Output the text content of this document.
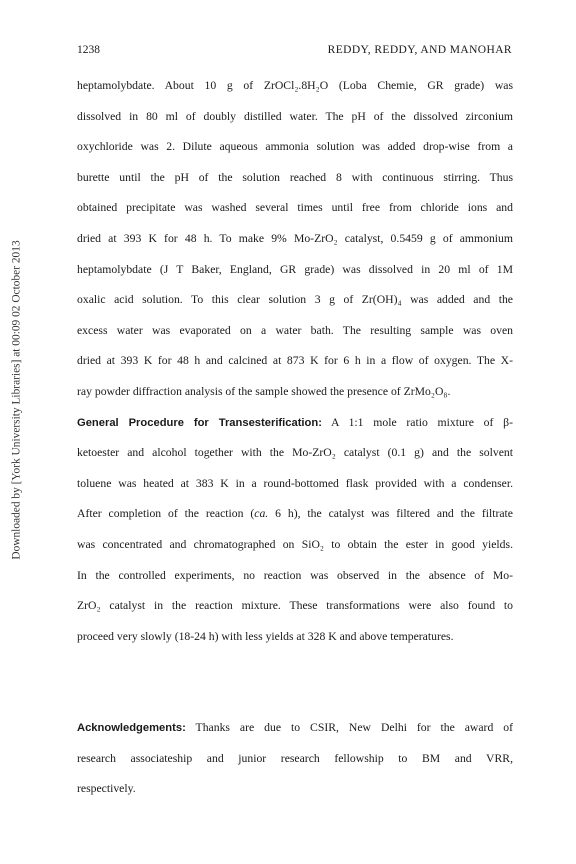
1238	REDDY, REDDY, AND MANOHAR
Downloaded by [York University Libraries] at 00:09 02 October 2013
heptamolybdate. About 10 g of ZrOCl₂.8H₂O (Loba Chemie, GR grade) was
dissolved in 80 ml of doubly distilled water. The pH of the dissolved zirconium
oxychloride was 2. Dilute aqueous ammonia solution was added drop-wise from a
burette until the pH of the solution reached 8 with continuous stirring. Thus
obtained precipitate was washed several times until free from chloride ions and
dried at 393 K for 48 h. To make 9% Mo-ZrO₂ catalyst, 0.5459 g of ammonium
heptamolybdate (J T Baker, England, GR grade) was dissolved in 20 ml of 1M
oxalic acid solution. To this clear solution 3 g of Zr(OH)₄ was added and the
excess water was evaporated on a water bath. The resulting sample was oven
dried at 393 K for 48 h and calcined at 873 K for 6 h in a flow of oxygen. The X-
ray powder diffraction analysis of the sample showed the presence of ZrMo₂O₈.
General Procedure for Transesterification: A 1:1 mole ratio mixture of β-
ketoester and alcohol together with the Mo-ZrO₂ catalyst (0.1 g) and the solvent
toluene was heated at 383 K in a round-bottomed flask provided with a condenser.
After completion of the reaction (ca. 6 h), the catalyst was filtered and the filtrate
was concentrated and chromatographed on SiO₂ to obtain the ester in good yields.
In the controlled experiments, no reaction was observed in the absence of Mo-
ZrO₂ catalyst in the reaction mixture. These transformations were also found to
proceed very slowly (18-24 h) with less yields at 328 K and above temperatures.
Acknowledgements: Thanks are due to CSIR, New Delhi for the award of
research associateship and junior research fellowship to BM and VRR,
respectively.
